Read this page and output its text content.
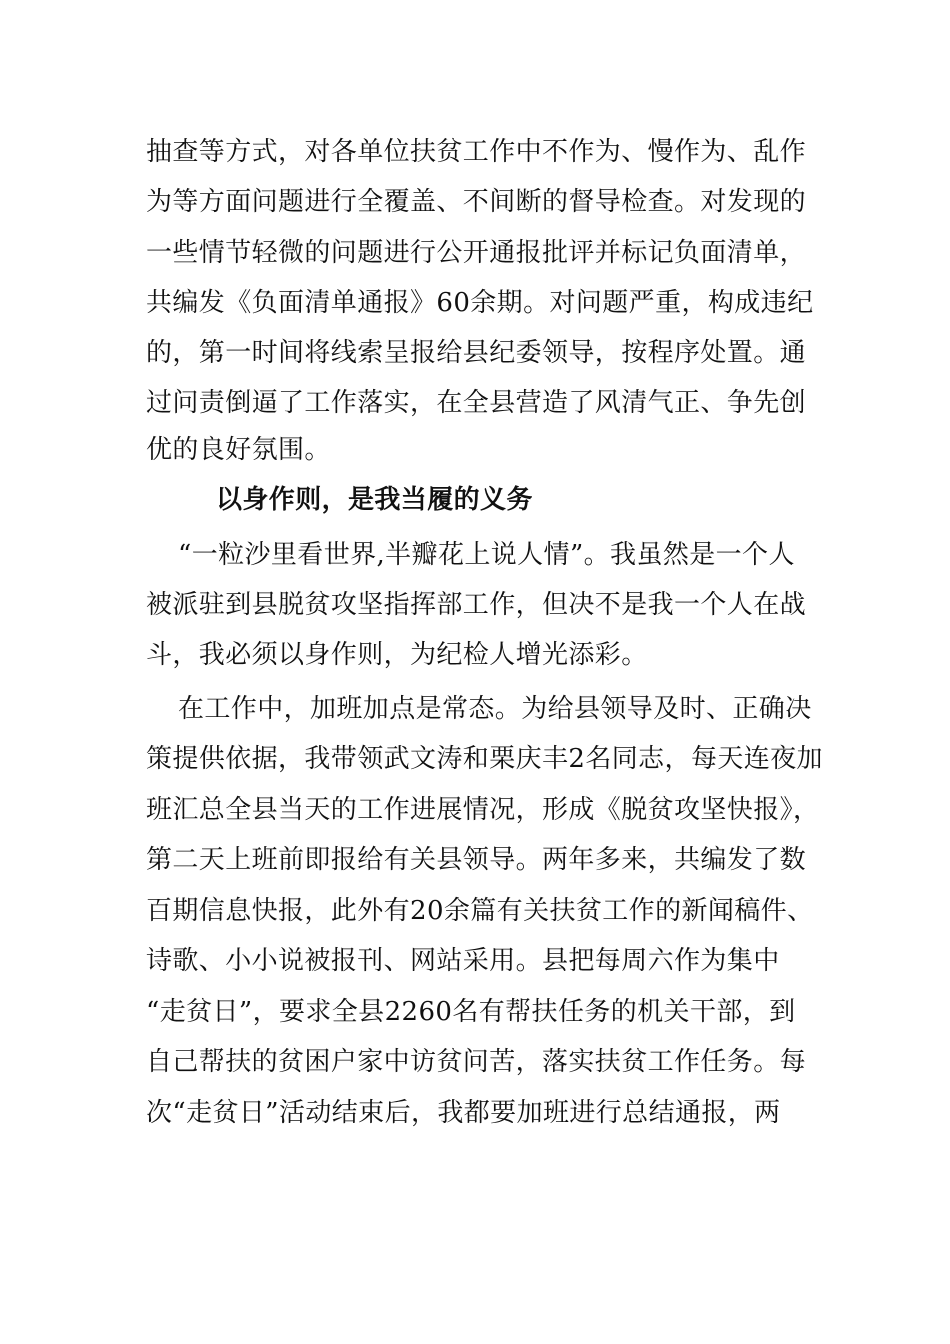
抽查等方式，对各单位扶贫工作中不作为、慢作为、乱作
为等方面问题进行全覆盖、不间断的督导检查。对发现的
一些情节轻微的问题进行公开通报批评并标记负面清单，
共编发《负面清单通报》60余期。对问题严重，构成违纪
的，第一时间将线索呈报给县纪委领导，按程序处置。通
过问责倒逼了工作落实，在全县营造了风清气正、争先创
优的良好氛围。
以身作则，是我当履的义务
“一粒沙里看世界,半瓣花上说人情”。我虽然是一个人
被派驻到县脱贫攻坚指挥部工作，但决不是我一个人在战
斗，我必须以身作则，为纪检人增光添彩。
在工作中，加班加点是常态。为给县领导及时、正确决
策提供依据，我带领武文涛和栗庆丰2名同志，每天连夜加
班汇总全县当天的工作进展情况，形成《脱贫攻坚快报》，
第二天上班前即报给有关县领导。两年多来，共编发了数
百期信息快报，此外有20余篇有关扶贫工作的新闻稿件、
诗歌、小小说被报刊、网站采用。县把每周六作为集中
“走贫日”，要求全县2260名有帮扶任务的机关干部，到
自己帮扶的贫困户家中访贫问苦，落实扶贫工作任务。每
次“走贫日”活动结束后，我都要加班进行总结通报，两
